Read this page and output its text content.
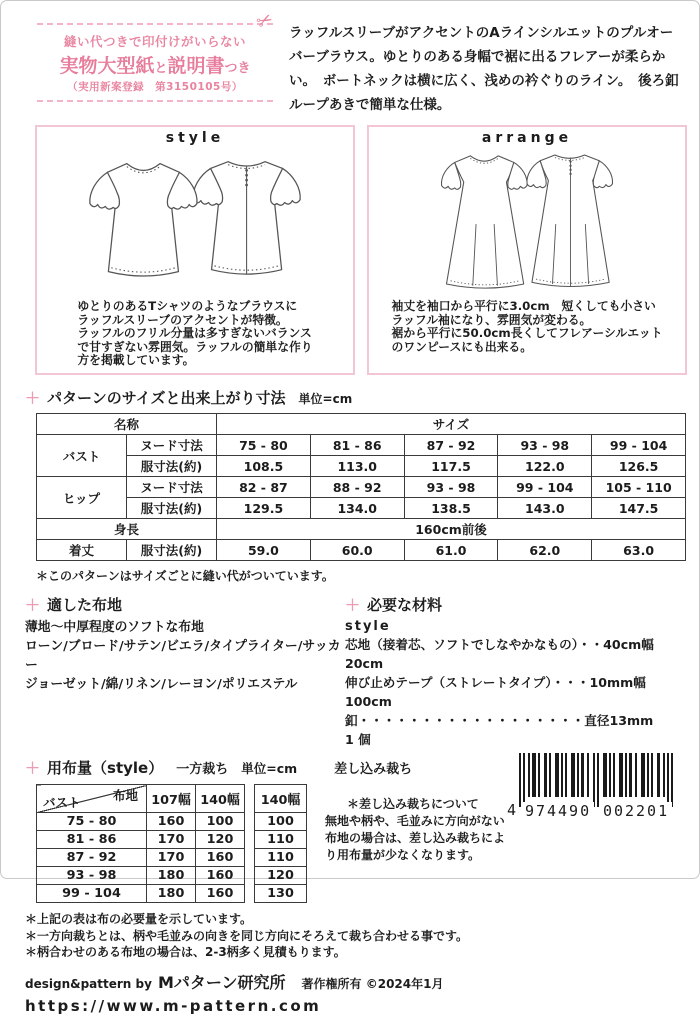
✂
縫い代つきで印付けがいらない
実物大型紙と説明書つき
（実用新案登録　第3150105号）
ラッフルスリーブがアクセントのAラインシルエットのプルオーバーブラウス。ゆとりのある身幅で裾に出るフレアーが柔らかい。　ボートネックは横に広く、浅めの衿ぐりのライン。　後ろ釦ループあきで簡単な仕様。
style
ゆとりのあるTシャツのようなブラウスに
ラッフルスリーブのアクセントが特徴。
ラッフルのフリル分量は多すぎないバランス
で甘すぎない雰囲気。ラッフルの簡単な作り
方を掲載しています。
arrange
袖丈を袖口から平行に3.0cm　短くしても小さい
ラッフル袖になり、雰囲気が変わる。
裾から平行に50.0cm長くしてフレアーシルエット
のワンピースにも出来る。
＋ パターンのサイズと出来上がり寸法 単位=cm
名称		サイズ				
バスト	ヌード寸法	75 - 80	81 - 86	87 - 92	93 - 98	99 - 104
	服寸法(約)	108.5	113.0	117.5	122.0	126.5
ヒップ	ヌード寸法	82 - 87	88 - 92	93 - 98	99 - 104	105 - 110
	服寸法(約)	129.5	134.0	138.5	143.0	147.5
身長		160cm前後				
着丈	服寸法(約)	59.0	60.0	61.0	62.0	63.0
＊このパターンはサイズごとに縫い代がついています。
＋ 適した布地
薄地〜中厚程度のソフトな布地
ローン/ブロード/サテン/ビエラ/タイプライター/サッカー
ジョーゼット/綿/リネン/レーヨン/ポリエステル
＋ 必要な材料
style
芯地（接着芯、ソフトでしなやかなもの）・・40cm幅　20cm
伸び止めテープ（ストレートタイプ）・・・10mm幅　100cm
釦・・・・・・・・・・・・・・・・・・直径13mm　1 個
＋ 用布量（style） 一方裁ち 単位=cm	差し込み裁ち
布地
バスト	107幅	140幅
75 - 80	160	100
81 - 86	170	120
87 - 92	170	160
93 - 98	180	160
99 - 104	180	160
140幅
100
110
110
120
130
＊差し込み裁ちについて
無地や柄や、毛並みに方向がない
布地の場合は、差し込み裁ちによ
り用布量が少なくなります。
＊上記の表は布の必要量を示しています。
＊一方向裁ちとは、柄や毛並みの向きを同じ方向にそろえて裁ち合わせる事です。
＊柄合わせのある布地の場合は、2-3柄多く見積もります。
4 974490 002201
design&pattern by Mパターン研究所 著作権所有 ©2024年1月
https://www.m-pattern.com
